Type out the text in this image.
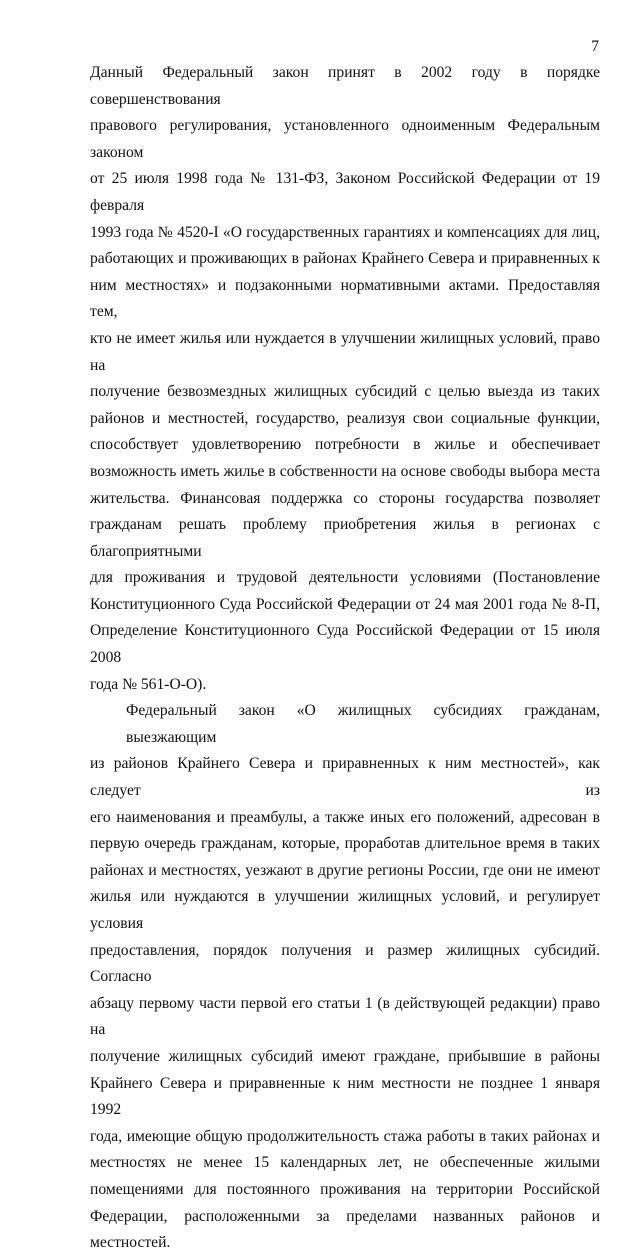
7
Данный Федеральный закон принят в 2002 году в порядке совершенствования
правового регулирования, установленного одноименным Федеральным законом
от 25 июля 1998 года № 131-ФЗ, Законом Российской Федерации от 19 февраля
1993 года № 4520-I «О государственных гарантиях и компенсациях для лиц,
работающих и проживающих в районах Крайнего Севера и приравненных к
ним местностях» и подзаконными нормативными актами. Предоставляя тем,
кто не имеет жилья или нуждается в улучшении жилищных условий, право на
получение безвозмездных жилищных субсидий с целью выезда из таких
районов и местностей, государство, реализуя свои социальные функции,
способствует удовлетворению потребности в жилье и обеспечивает
возможность иметь жилье в собственности на основе свободы выбора места
жительства. Финансовая поддержка со стороны государства позволяет
гражданам решать проблему приобретения жилья в регионах с благоприятными
для проживания и трудовой деятельности условиями (Постановление
Конституционного Суда Российской Федерации от 24 мая 2001 года № 8-П,
Определение Конституционного Суда Российской Федерации от 15 июля 2008
года № 561-О-О).
Федеральный закон «О жилищных субсидиях гражданам, выезжающим
из районов Крайнего Севера и приравненных к ним местностей», как следует из
его наименования и преамбулы, а также иных его положений, адресован в
первую очередь гражданам, которые, проработав длительное время в таких
районах и местностях, уезжают в другие регионы России, где они не имеют
жилья или нуждаются в улучшении жилищных условий, и регулирует условия
предоставления, порядок получения и размер жилищных субсидий. Согласно
абзацу первому части первой его статьи 1 (в действующей редакции) право на
получение жилищных субсидий имеют граждане, прибывшие в районы
Крайнего Севера и приравненные к ним местности не позднее 1 января 1992
года, имеющие общую продолжительность стажа работы в таких районах и
местностях не менее 15 календарных лет, не обеспеченные жилыми
помещениями для постоянного проживания на территории Российской
Федерации, расположенными за пределами названных районов и местностей.
